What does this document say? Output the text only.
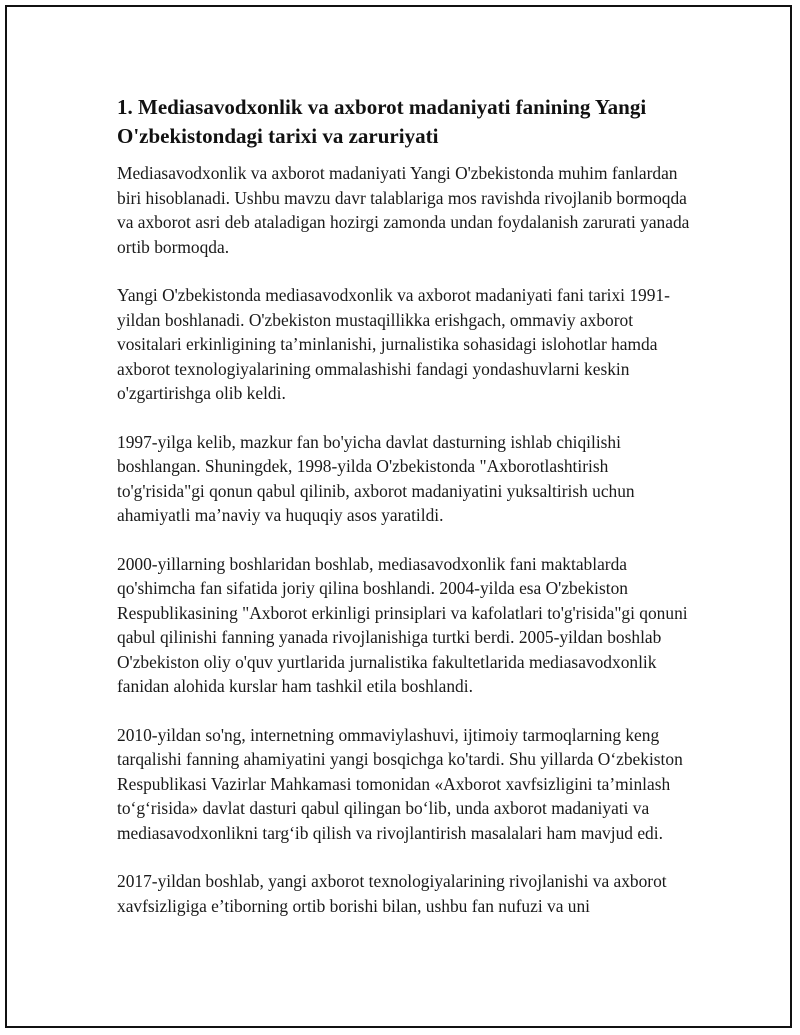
1. Mediasavodxonlik va axborot madaniyati fanining Yangi O'zbekistondagi tarixi va zaruriyati

Mediasavodxonlik va axborot madaniyati Yangi O'zbekistonda muhim fanlardan biri hisoblanadi. Ushbu mavzu davr talablariga mos ravishda rivojlanib bormoqda va axborot asri deb ataladigan hozirgi zamonda undan foydalanish zarurati yanada ortib bormoqda.

Yangi O'zbekistonda mediasavodxonlik va axborot madaniyati fani tarixi 1991-yildan boshlanadi. O'zbekiston mustaqillikka erishgach, ommaviy axborot vositalari erkinligining ta’minlanishi, jurnalistika sohasidagi islohotlar hamda axborot texnologiyalarining ommalashishi fandagi yondashuvlarni keskin o'zgartirishga olib keldi.

1997-yilga kelib, mazkur fan bo'yicha davlat dasturning ishlab chiqilishi boshlangan. Shuningdek, 1998-yilda O'zbekistonda "Axborotlashtirish to'g'risida"gi qonun qabul qilinib, axborot madaniyatini yuksaltirish uchun ahamiyatli ma’naviy va huquqiy asos yaratildi.

2000-yillarning boshlaridan boshlab, mediasavodxonlik fani maktablarda qo'shimcha fan sifatida joriy qilina boshlandi. 2004-yilda esa O'zbekiston Respublikasining "Axborot erkinligi prinsiplari va kafolatlari to'g'risida"gi qonuni qabul qilinishi fanning yanada rivojlanishiga turtki berdi. 2005-yildan boshlab O'zbekiston oliy o'quv yurtlarida jurnalistika fakultetlarida mediasavodxonlik fanidan alohida kurslar ham tashkil etila boshlandi.

2010-yildan so'ng, internetning ommaviylashuvi, ijtimoiy tarmoqlarning keng tarqalishi fanning ahamiyatini yangi bosqichga ko'tardi. Shu yillarda O‘zbekiston Respublikasi Vazirlar Mahkamasi tomonidan «Axborot xavfsizligini ta’minlash to‘g‘risida» davlat dasturi qabul qilingan bo‘lib, unda axborot madaniyati va mediasavodxonlikni targ‘ib qilish va rivojlantirish masalalari ham mavjud edi.

2017-yildan boshlab, yangi axborot texnologiyalarining rivojlanishi va axborot xavfsizligiga e’tiborning ortib borishi bilan, ushbu fan nufuzi va uni
